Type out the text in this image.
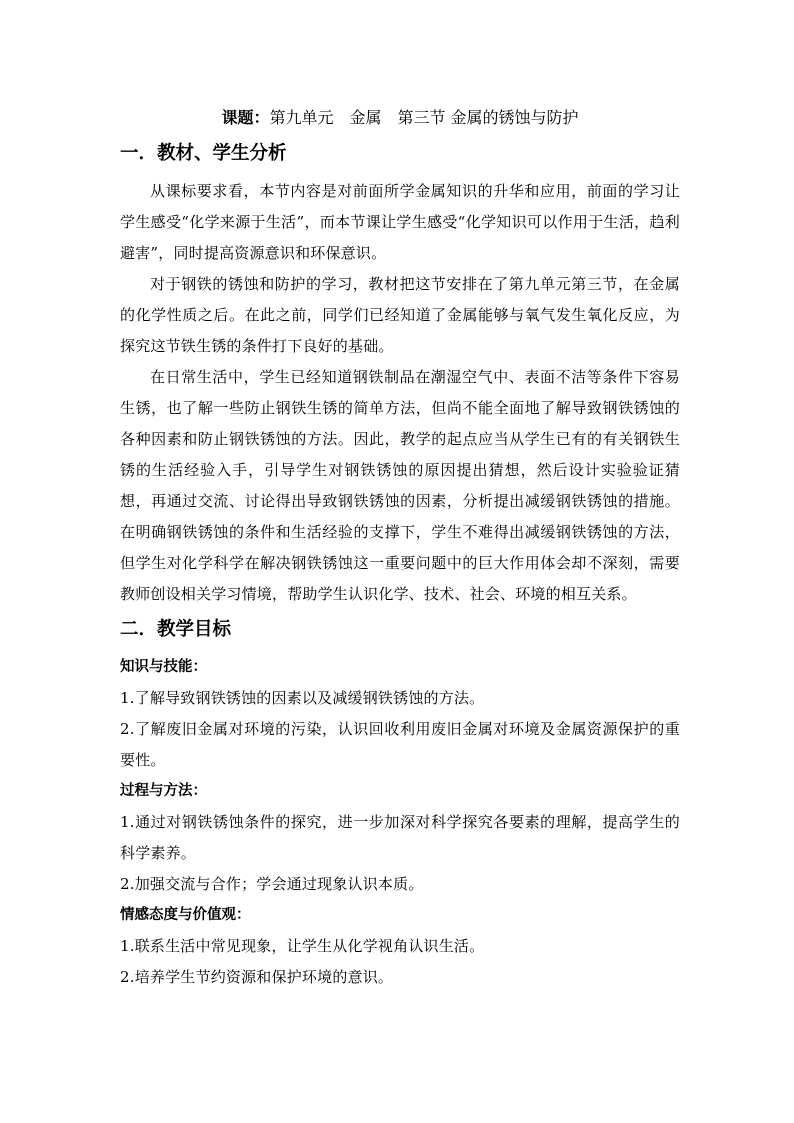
课题：第九单元　金属　第三节 金属的锈蚀与防护
一．教材、学生分析

从课标要求看，本节内容是对前面所学金属知识的升华和应用，前面的学习让学生感受“化学来源于生活”，而本节课让学生感受“化学知识可以作用于生活，趋利避害”，同时提高资源意识和环保意识。

对于钢铁的锈蚀和防护的学习，教材把这节安排在了第九单元第三节，在金属的化学性质之后。在此之前，同学们已经知道了金属能够与氧气发生氧化反应，为探究这节铁生锈的条件打下良好的基础。

在日常生活中，学生已经知道钢铁制品在潮湿空气中、表面不洁等条件下容易生锈，也了解一些防止钢铁生锈的简单方法，但尚不能全面地了解导致钢铁锈蚀的各种因素和防止钢铁锈蚀的方法。因此，教学的起点应当从学生已有的有关钢铁生锈的生活经验入手，引导学生对钢铁锈蚀的原因提出猜想，然后设计实验验证猜想，再通过交流、讨论得出导致钢铁锈蚀的因素，分析提出减缓钢铁锈蚀的措施。在明确钢铁锈蚀的条件和生活经验的支撑下，学生不难得出减缓钢铁锈蚀的方法，但学生对化学科学在解决钢铁锈蚀这一重要问题中的巨大作用体会却不深刻，需要教师创设相关学习情境，帮助学生认识化学、技术、社会、环境的相互关系。

二．教学目标

知识与技能：

1.了解导致钢铁锈蚀的因素以及减缓钢铁锈蚀的方法。

2.了解废旧金属对环境的污染，认识回收利用废旧金属对环境及金属资源保护的重要性。

过程与方法：

1.通过对钢铁锈蚀条件的探究，进一步加深对科学探究各要素的理解，提高学生的科学素养。

2.加强交流与合作；学会通过现象认识本质。

情感态度与价值观：

1.联系生活中常见现象，让学生从化学视角认识生活。

2.培养学生节约资源和保护环境的意识。
